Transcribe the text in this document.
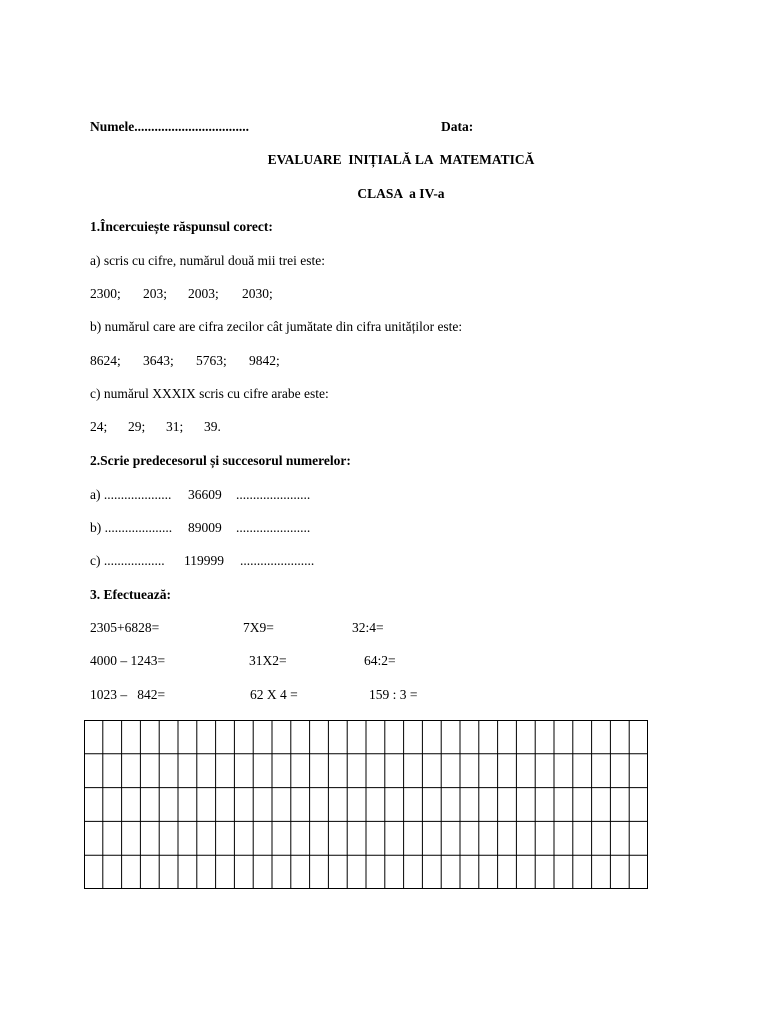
Numele..................................	Data:
EVALUARE  INIȚIALĂ LA  MATEMATICĂ
CLASA  a IV-a
1.Încercuiește răspunsul corect:
a) scris cu cifre, numărul două mii trei este:
2300; 203; 2003; 2030;
b) numărul care are cifra zecilor cât jumătate din cifra unităților este:
8624; 3643; 5763; 9842;
c) numărul XXXIX scris cu cifre arabe este:
24; 29; 31; 39.
2.Scrie predecesorul și succesorul numerelor:
a) .................... 36609 ......................
b) .................... 89009 ......................
c) .................. 119999 ......................
3. Efectuează:
2305+6828=	7X9=	32:4=
4000 – 1243=	31X2=	64:2=
1023 –   842=	62 X 4 =	159 : 3 =
